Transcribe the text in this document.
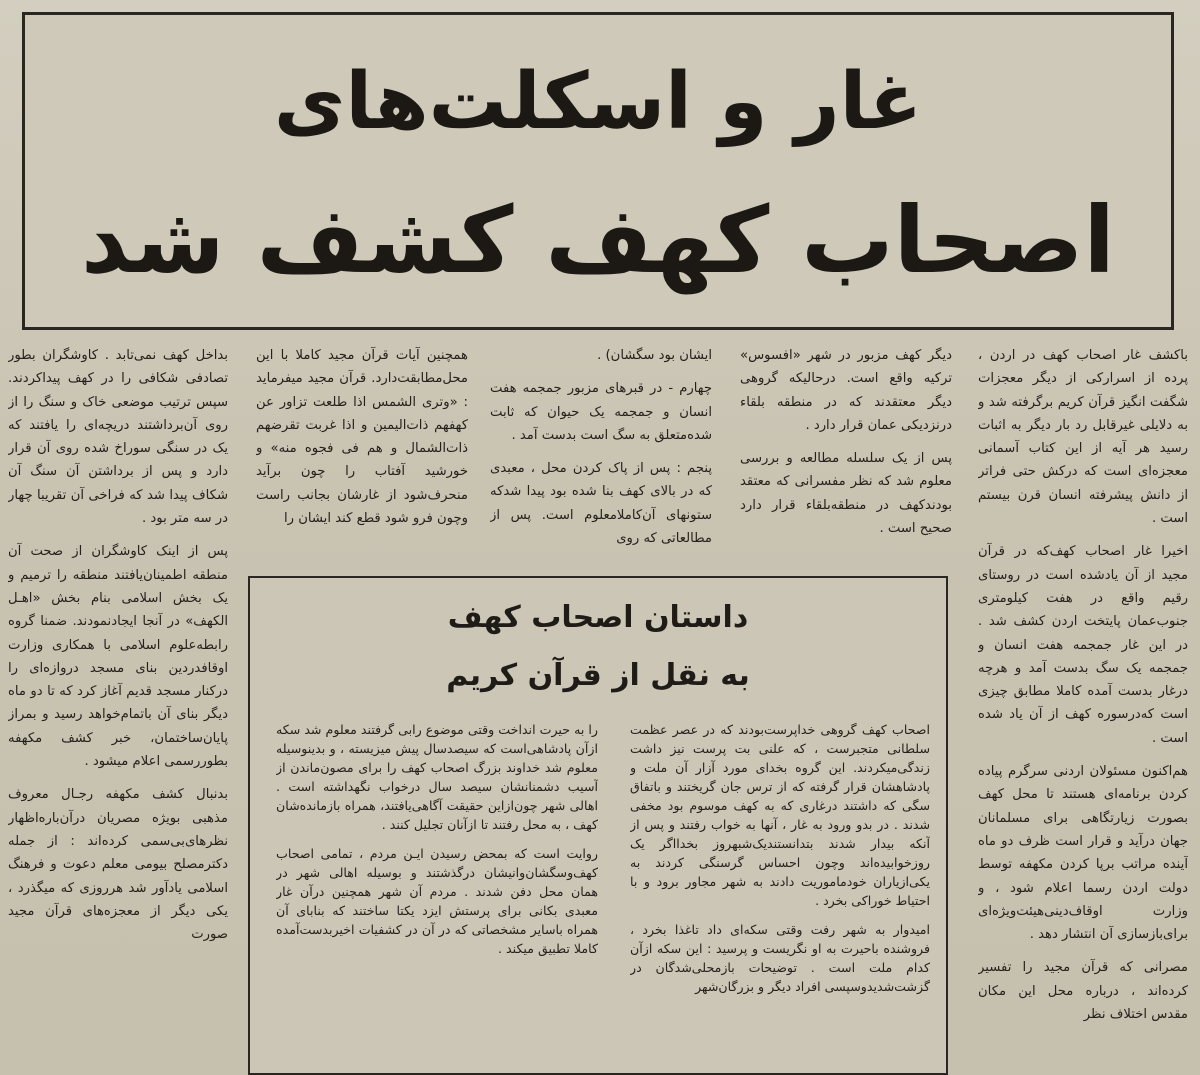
غار و اسکلت‌های
اصحاب کهف کشف شد

باکشف غار اصحاب کهف در اردن ، پرده از اسرارکی از دیگر معجزات شگفت انگیز قرآن کریم برگرفته شد و به دلایلی غیرقابل رد بار دیگر به اثبات رسید هر آیه از این کتاب آسمانی معجزه‌ای است که درکش حتی فراتر از دانش پیشرفته انسان قرن بیستم است .

اخیرا غار اصحاب کهف‌که در قرآن مجید از آن یادشده است در روستای رقیم واقع در هفت کیلومتری جنوب‌عمان پایتخت اردن کشف شد . در این غار جمجمه هفت انسان و جمجمه یک سگ بدست آمد و هرچه درغار بدست آمده کاملا مطابق چیزی است که‌درسوره کهف از آن یاد شده است .

هم‌اکنون مسئولان اردنی سرگرم پیاده کردن برنامه‌ای هستند تا محل کهف بصورت زیارتگاهی برای مسلمانان جهان درآید و قرار است ظرف دو ماه آینده مراتب برپا کردن مکهفه توسط دولت اردن رسما اعلام شود ، و وزارت اوقاف‌دینی‌هیئت‌ویژه‌ای برای‌بازسازی آن انتشار دهد .

مصرانی که قرآن مجید را تفسیر کرده‌اند ، درباره محل این مکان مقدس اختلاف نظر

دیگر کهف مزبور در شهر «افسوس» ترکیه واقع است. درحالیکه گروهی دیگر معتقدند که در منطقه بلقاء درنزدیکی عمان قرار دارد .

پس از یک سلسله مطالعه و بررسی معلوم شد که نظر مفسرانی که معتقد بودندکهف در منطقه‌بلقاء قرار دارد صحیح است .

ایشان بود سگشان) .

چهارم - در قبرهای مزبور جمجمه هفت انسان و جمجمه یک حیوان که ثابت شده‌متعلق به سگ است بدست آمد .

پنجم : پس از پاک کردن محل ، معبدی که در بالای کهف بنا شده بود پیدا شدکه ستونهای آن‌کاملامعلوم است. پس از مطالعاتی که روی

همچنین آیات قرآن مجید کاملا با این محل‌مطابقت‌دارد. قرآن مجید میفرماید : «وتری الشمس اذا طلعت تزاور عن کهفهم ذات‌الیمین و اذا غربت تقرضهم ذات‌الشمال و هم فی فجوه منه» و خورشید آفتاب را چون برآید منحرف‌شود از غارشان بجانب راست وچون فرو شود قطع کند ایشان را

بداخل کهف نمی‌تابد . کاوشگران بطور تصادفی شکافی را در کهف پیداکردند. سپس ترتیب موضعی خاک و سنگ را از روی آن‌برداشتند دریچه‌ای را یافتند که یک در سنگی سوراخ شده روی آن قرار دارد و پس از برداشتن آن سنگ آن شکاف پیدا شد که فراخی آن تقریبا چهار در سه متر بود .

پس از اینک کاوشگران از صحت آن منطقه اطمینان‌یافتند منطقه را ترمیم و یک بخش اسلامی بنام بخش «اهـل الکهف» در آنجا ایجادنمودند. ضمنا گروه رابطه‌علوم اسلامی با همکاری وزارت اوقافدردین بنای مسجد دروازه‌ای را درکنار مسجد قدیم آغاز کرد که تا دو ماه دیگر بنای آن باتمام‌خواهد رسید و بمراز پایان‌ساختمان، خبر کشف مکهفه بطوررسمی اعلام میشود .

بدنبال کشف مکهفه رجـال معروف مذهبی بویژه مصریان درآن‌باره‌اظهار نظرهای‌بی‌سمی کرده‌اند : از جمله دکترمصلح بیومی معلم دعوت و فرهنگ اسلامی یادآور شد هرروزی که میگذرد ، یکی دیگر از معجزه‌های قرآن مجید صورت

داستان اصحاب کهف
به نقل از قرآن کریم

اصحاب کهف گروهی خداپرست‌بودند که در عصر عظمت سلطانی متجبرست ، که علنی بت پرست نیز داشت زندگی‌میکردند. این گروه بخدای مورد آزار آن ملت و پادشاهشان قرار گرفته که از ترس جان گریختند و باتفاق سگی که داشتند درغاری که به کهف موسوم بود مخفی شدند . در بدو ورود به غار ، آنها به خواب رفتند و پس از آنکه بیدار شدند بتدانستندیک‌شبهروز بخدااگر یک روزخوابیده‌اند وچون احساس گرسنگی کردند به یکی‌ازیاران خودماموریت دادند به شهر مجاور برود و با احتیاط خوراکی بخرد .

امیدوار به شهر رفت وقتی سکه‌ای داد تاغذا بخرد ، فروشنده باحیرت به او نگریست و پرسید : این سکه ازآن کدام ملت است . توضیحات بازمحلی‌شدگان در گزشت‌شدیدوسپسی افراد دیگر و بزرگان‌شهر

را به حیرت انداخت وقتی موضوع رابی گرفتند معلوم شد سکه ازآن پادشاهی‌است که سیصدسال پیش میزیسته ، و بدینوسیله معلوم شد خداوند بزرگ اصحاب کهف را برای مصون‌ماندن از آسیب دشمنانشان سیصد سال درخواب نگهداشته است . اهالی شهر چون‌ازاین حقیقت آگاهی‌یافتند، همراه بازمانده‌شان کهف ، به محل رفتند تا ازآنان تجلیل کنند .

روایت است که بمحض رسیدن ایـن مردم ، تمامی اصحاب کهف‌وسگشان‌وانیشان درگذشتند و بوسیله اهالی شهر در همان محل دفن شدند . مردم آن شهر همچنین درآن غار معبدی بکانی برای پرستش ایزد یکتا ساختند که بنابای آن همراه باسایر مشخصاتی که در آن در کشفیات اخیربدست‌آمده کاملا تطبیق میکند .
